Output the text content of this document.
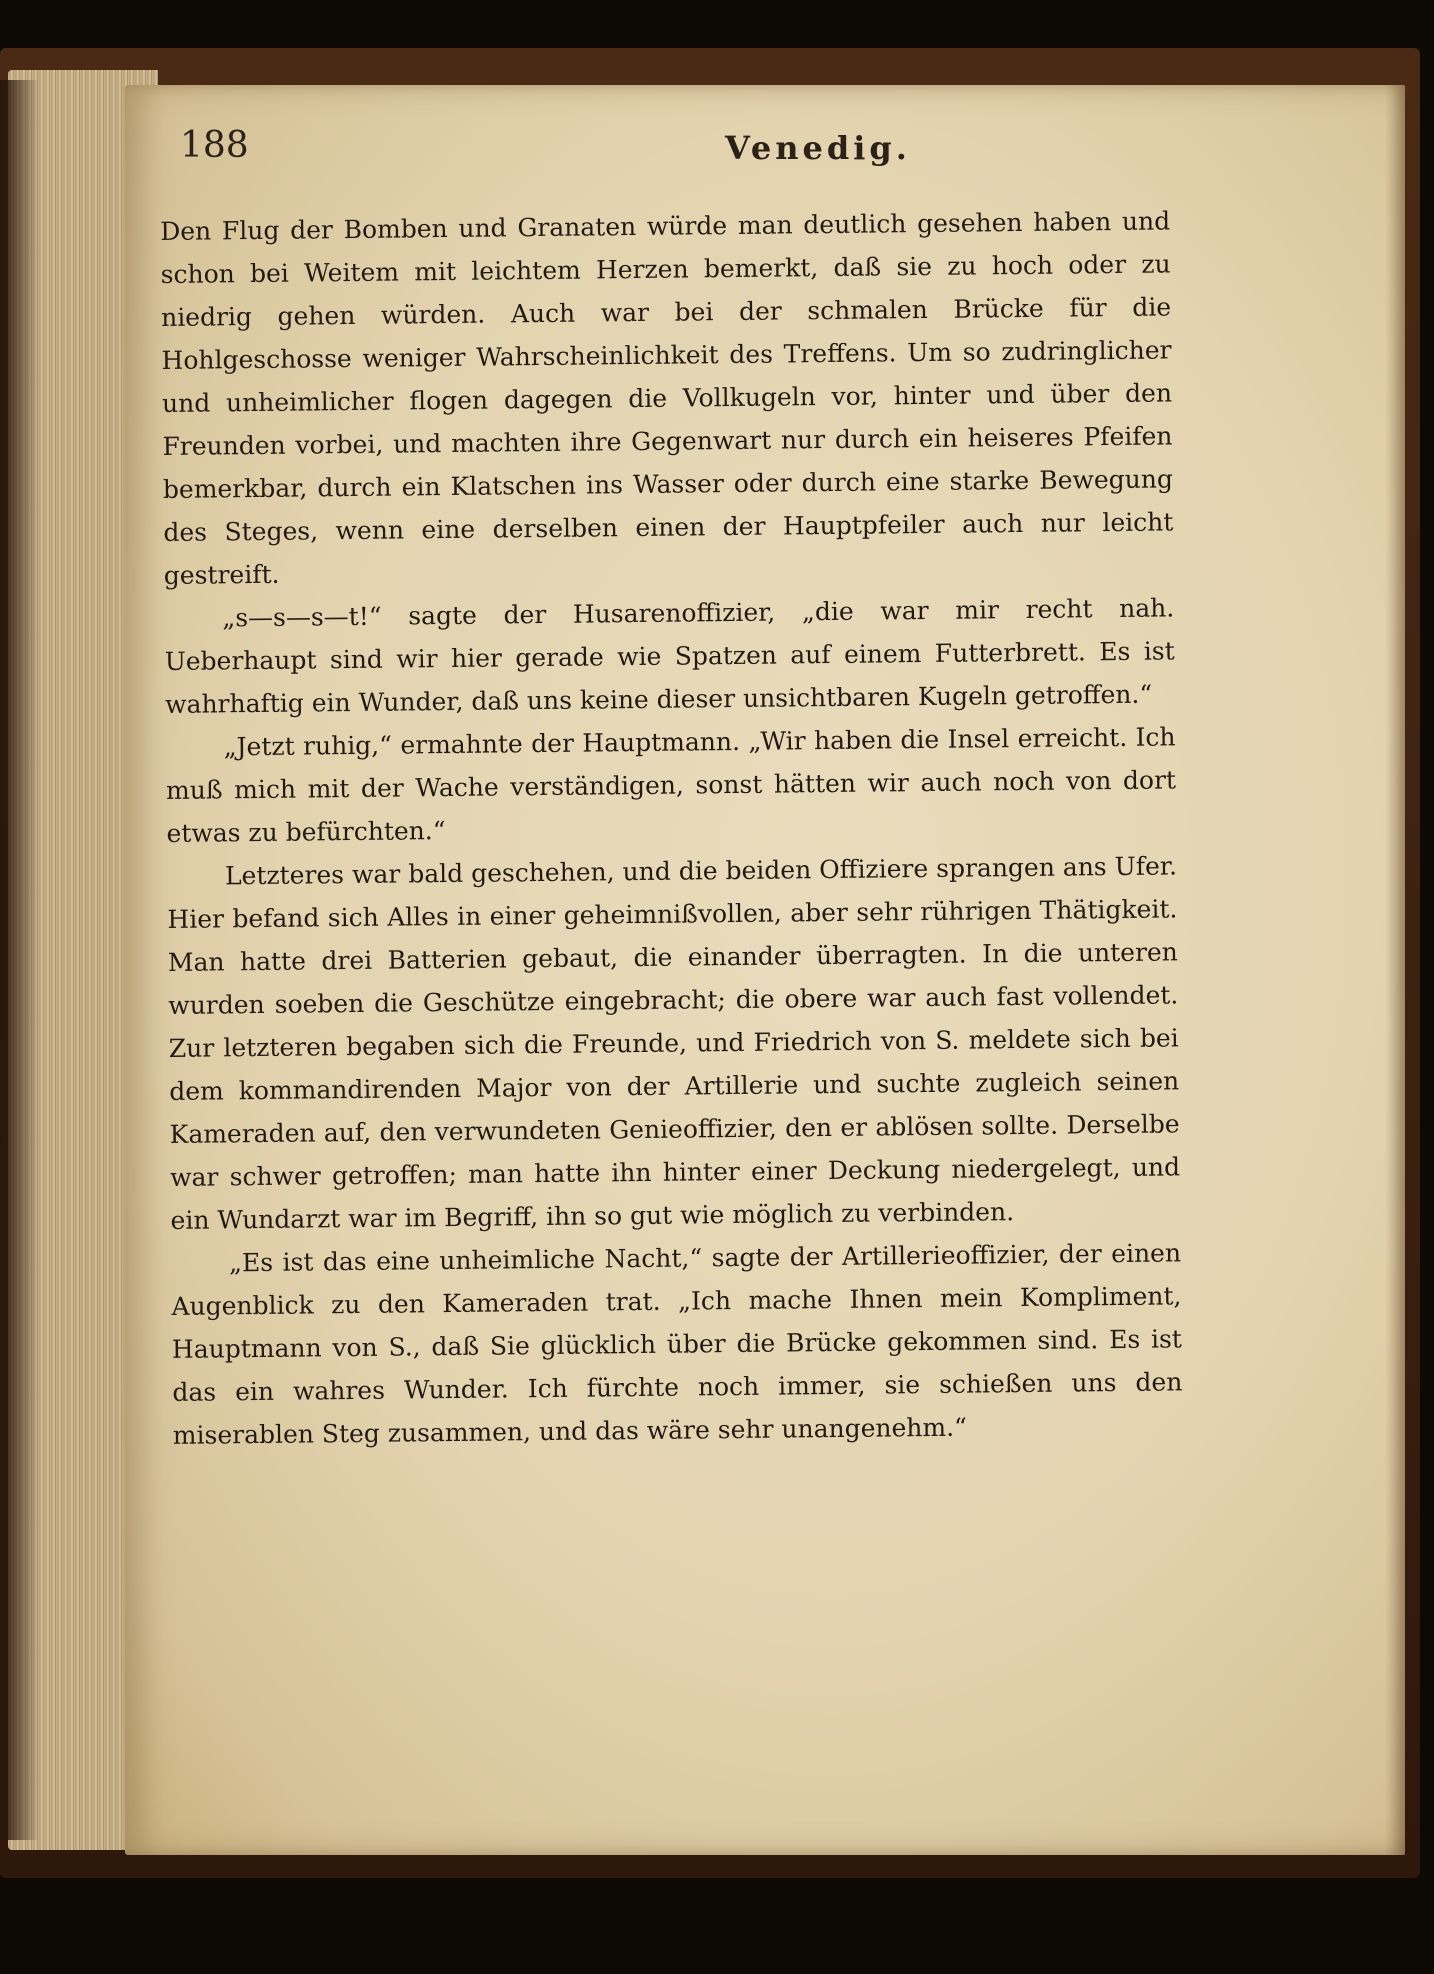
188	Venedig.

Den Flug der Bomben und Granaten würde man deutlich gesehen haben und schon bei Weitem mit leichtem Herzen bemerkt, daß sie zu hoch oder zu niedrig gehen würden. Auch war bei der schmalen Brücke für die Hohlgeschosse weniger Wahrscheinlichkeit des Treffens. Um so zudringlicher und unheimlicher flogen dagegen die Vollkugeln vor, hinter und über den Freunden vorbei, und machten ihre Gegenwart nur durch ein heiseres Pfeifen bemerkbar, durch ein Klatschen ins Wasser oder durch eine starke Bewegung des Steges, wenn eine derselben einen der Hauptpfeiler auch nur leicht gestreift.

„s—s—s—t!“ sagte der Husarenoffizier, „die war mir recht nah. Ueberhaupt sind wir hier gerade wie Spatzen auf einem Futterbrett. Es ist wahrhaftig ein Wunder, daß uns keine dieser unsichtbaren Kugeln getroffen.“

„Jetzt ruhig,“ ermahnte der Hauptmann. „Wir haben die Insel erreicht. Ich muß mich mit der Wache verständigen, sonst hätten wir auch noch von dort etwas zu befürchten.“

Letzteres war bald geschehen, und die beiden Offiziere sprangen ans Ufer. Hier befand sich Alles in einer geheimnißvollen, aber sehr rührigen Thätigkeit. Man hatte drei Batterien gebaut, die einander überragten. In die unteren wurden soeben die Geschütze eingebracht; die obere war auch fast vollendet. Zur letzteren begaben sich die Freunde, und Friedrich von S. meldete sich bei dem kommandirenden Major von der Artillerie und suchte zugleich seinen Kameraden auf, den verwundeten Genieoffizier, den er ablösen sollte. Derselbe war schwer getroffen; man hatte ihn hinter einer Deckung niedergelegt, und ein Wundarzt war im Begriff, ihn so gut wie möglich zu verbinden.

„Es ist das eine unheimliche Nacht,“ sagte der Artillerieoffizier, der einen Augenblick zu den Kameraden trat. „Ich mache Ihnen mein Kompliment, Hauptmann von S., daß Sie glücklich über die Brücke gekommen sind. Es ist das ein wahres Wunder. Ich fürchte noch immer, sie schießen uns den miserablen Steg zusammen, und das wäre sehr unangenehm.“
